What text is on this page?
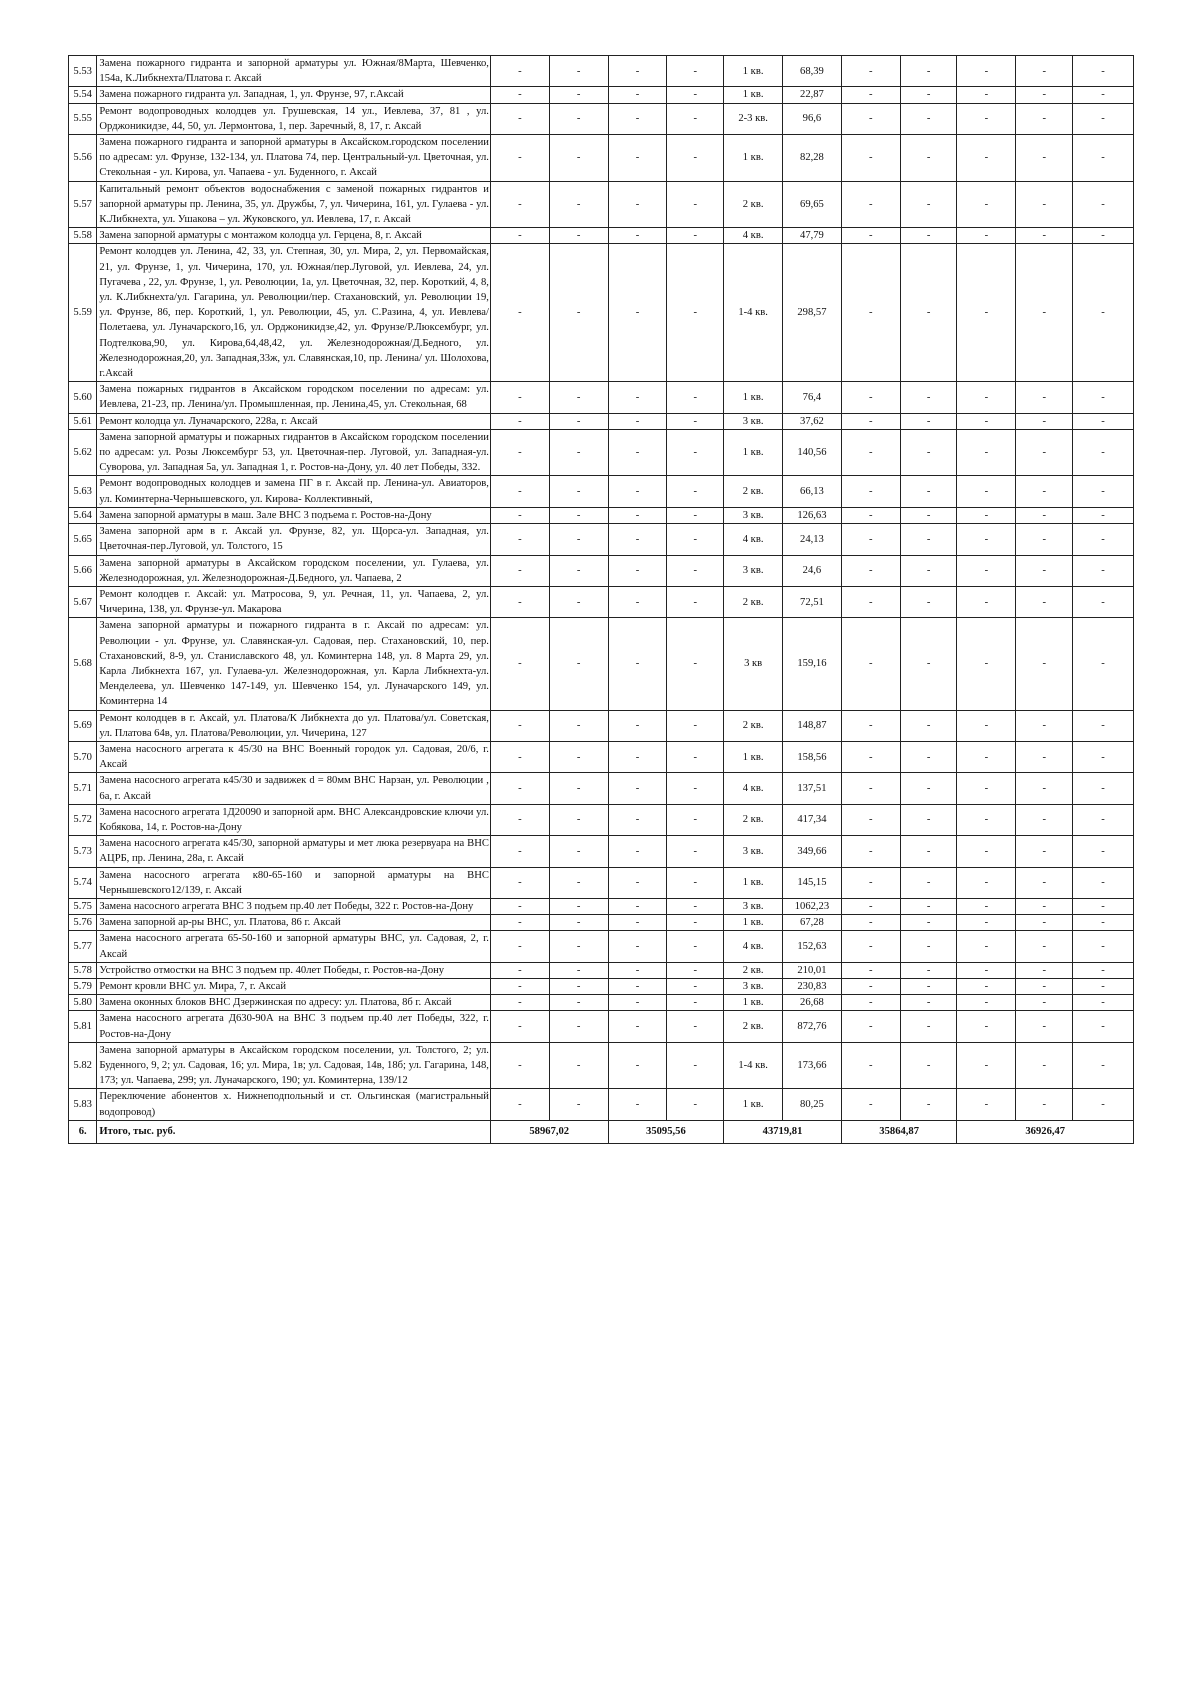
5.53	Замена пожарного гидранта и запорной арматуры ул. Южная/8Марта, Шевченко, 154а, К.Либкнехта/Платова г. Аксай	-	-	-	-	1 кв.	68,39	-	-	-	-	-
5.54	Замена пожарного гидранта ул. Западная, 1, ул. Фрунзе, 97, г.Аксай	-	-	-	-	1 кв.	22,87	-	-	-	-	-
5.55	Ремонт водопроводных колодцев ул. Грушевская, 14 ул., Иевлева, 37, 81 , ул. Орджоникидзе, 44, 50, ул. Лермонтова, 1, пер. Заречный, 8, 17, г. Аксай	-	-	-	-	2-3 кв.	96,6	-	-	-	-	-
5.56	Замена пожарного гидранта и запорной арматуры в Аксайском.городском поселении по адресам: ул. Фрунзе, 132-134, ул. Платова 74, пер. Центральный-ул. Цветочная, ул. Стекольная - ул. Кирова, ул. Чапаева - ул. Буденного, г. Аксай	-	-	-	-	1 кв.	82,28	-	-	-	-	-
5.57	Капитальный ремонт объектов водоснабжения с заменой пожарных гидрантов и запорной арматуры пр. Ленина, 35, ул. Дружбы, 7, ул. Чичерина, 161, ул. Гулаева - ул. К.Либкнехта, ул. Ушакова – ул. Жуковского, ул. Иевлева, 17, г. Аксай	-	-	-	-	2 кв.	69,65	-	-	-	-	-
5.58	Замена запорной арматуры с монтажом колодца ул. Герцена, 8, г. Аксай	-	-	-	-	4 кв.	47,79	-	-	-	-	-
5.59	Ремонт колодцев ул. Ленина, 42, 33, ул. Степная, 30, ул. Мира, 2, ул. Первомайская, 21, ул. Фрунзе, 1, ул. Чичерина, 170, ул. Южная/пер.Луговой, ул. Иевлева, 24, ул. Пугачева , 22, ул. Фрунзе, 1, ул. Революции, 1а, ул. Цветочная, 32, пер. Короткий, 4, 8, ул. К.Либкнехта/ул. Гагарина, ул. Революции/пер. Стахановский, ул. Революции 19, ул. Фрунзе, 86, пер. Короткий, 1, ул. Революции, 45, ул. С.Разина, 4, ул. Иевлева/Полетаева, ул. Луначарского,16, ул. Орджоникидзе,42, ул. Фрунзе/Р.Люксембург, ул. Подтелкова,90, ул. Кирова,64,48,42, ул. Железнодорожная/Д.Бедного, ул. Железнодорожная,20, ул. Западная,33ж, ул. Славянская,10, пр. Ленина/ ул. Шолохова, г.Аксай	-	-	-	-	1-4 кв.	298,57	-	-	-	-	-
5.60	Замена пожарных гидрантов в Аксайском городском поселении по адресам: ул. Иевлева, 21-23, пр. Ленина/ул. Промышленная, пр. Ленина,45, ул. Стекольная, 68	-	-	-	-	1 кв.	76,4	-	-	-	-	-
5.61	Ремонт колодца ул. Луначарского, 228а, г. Аксай	-	-	-	-	3 кв.	37,62	-	-	-	-	-
5.62	Замена запорной арматуры и пожарных гидрантов в Аксайском городском поселении по адресам: ул. Розы Люксембург 53, ул. Цветочная-пер. Луговой, ул. Западная-ул. Суворова, ул. Западная 5а, ул. Западная 1, г. Ростов-на-Дону, ул. 40 лет Победы, 332.	-	-	-	-	1 кв.	140,56	-	-	-	-	-
5.63	Ремонт водопроводных колодцев и замена ПГ в г. Аксай пр. Ленина-ул. Авиаторов, ул. Коминтерна-Чернышевского, ул. Кирова- Коллективный,	-	-	-	-	2 кв.	66,13	-	-	-	-	-
5.64	Замена запорной арматуры в маш. Зале ВНС 3 подъема г. Ростов-на-Дону	-	-	-	-	3 кв.	126,63	-	-	-	-	-
5.65	Замена запорной арм в г. Аксай ул. Фрунзе, 82, ул. Щорса-ул. Западная, ул. Цветочная-пер.Луговой, ул. Толстого, 15	-	-	-	-	4 кв.	24,13	-	-	-	-	-
5.66	Замена запорной арматуры в Аксайском городском поселении, ул. Гулаева, ул. Железнодорожная, ул. Железнодорожная-Д.Бедного, ул. Чапаева, 2	-	-	-	-	3 кв.	24,6	-	-	-	-	-
5.67	Ремонт колодцев г. Аксай: ул. Матросова, 9, ул. Речная, 11, ул. Чапаева, 2, ул. Чичерина, 138, ул. Фрунзе-ул. Макарова	-	-	-	-	2 кв.	72,51	-	-	-	-	-
5.68	Замена запорной арматуры и пожарного гидранта в г. Аксай по адресам: ул. Революции - ул. Фрунзе, ул. Славянская-ул. Садовая, пер. Стахановский, 10, пер. Стахановский, 8-9, ул. Станиславского 48, ул. Коминтерна 148, ул. 8 Марта 29, ул. Карла Либкнехта 167, ул. Гулаева-ул. Железнодорожная, ул. Карла Либкнехта-ул. Менделеева, ул. Шевченко 147-149, ул. Шевченко 154, ул. Луначарского 149, ул. Коминтерна 14	-	-	-	-	3 кв	159,16	-	-	-	-	-
5.69	Ремонт колодцев в г. Аксай, ул. Платова/К Либкнехта до ул. Платова/ул. Советская, ул. Платова 64в, ул. Платова/Революции, ул. Чичерина, 127	-	-	-	-	2 кв.	148,87	-	-	-	-	-
5.70	Замена насосного агрегата к 45/30 на ВНС Военный городок ул. Садовая, 20/6, г. Аксай	-	-	-	-	1 кв.	158,56	-	-	-	-	-
5.71	Замена насосного агрегата к45/30 и задвижек d = 80мм ВНС Нарзан, ул. Революции , 6а, г. Аксай	-	-	-	-	4 кв.	137,51	-	-	-	-	-
5.72	Замена насосного агрегата 1Д20090 и запорной арм. ВНС Александровские ключи ул. Кобякова, 14, г. Ростов-на-Дону	-	-	-	-	2 кв.	417,34	-	-	-	-	-
5.73	Замена насосного агрегата к45/30, запорной арматуры и мет люка резервуара на ВНС АЦРБ, пр. Ленина, 28а, г. Аксай	-	-	-	-	3 кв.	349,66	-	-	-	-	-
5.74	Замена насосного агрегата к80-65-160 и запорной арматуры на ВНС Чернышевского12/139, г. Аксай	-	-	-	-	1 кв.	145,15	-	-	-	-	-
5.75	Замена насосного агрегата ВНС 3 подъем пр.40 лет Победы, 322 г. Ростов-на-Дону	-	-	-	-	3 кв.	1062,23	-	-	-	-	-
5.76	Замена запорной ар-ры ВНС, ул. Платова, 86 г. Аксай	-	-	-	-	1 кв.	67,28	-	-	-	-	-
5.77	Замена насосного агрегата 65-50-160 и запорной арматуры ВНС, ул. Садовая, 2, г. Аксай	-	-	-	-	4 кв.	152,63	-	-	-	-	-
5.78	Устройство отмостки на ВНС 3 подъем пр. 40лет Победы, г. Ростов-на-Дону	-	-	-	-	2 кв.	210,01	-	-	-	-	-
5.79	Ремонт кровли ВНС ул. Мира, 7, г. Аксай	-	-	-	-	3 кв.	230,83	-	-	-	-	-
5.80	Замена оконных блоков ВНС Дзержинская по адресу: ул. Платова, 8б г. Аксай	-	-	-	-	1 кв.	26,68	-	-	-	-	-
5.81	Замена насосного агрегата Д630-90А на ВНС 3 подъем пр.40 лет Победы, 322, г. Ростов-на-Дону	-	-	-	-	2 кв.	872,76	-	-	-	-	-
5.82	Замена запорной арматуры в Аксайском городском поселении, ул. Толстого, 2; ул. Буденного, 9, 2; ул. Садовая, 16; ул. Мира, 1в; ул. Садовая, 14в, 18б; ул. Гагарина, 148, 173; ул. Чапаева, 299; ул. Луначарского, 190; ул. Коминтерна, 139/12	-	-	-	-	1-4 кв.	173,66	-	-	-	-	-
5.83	Переключение абонентов х. Нижнеподпольный и ст. Ольгинская (магистральный водопровод)	-	-	-	-	1 кв.	80,25	-	-	-	-	-
6.	Итого, тыс. руб.	58967,02		35095,56		43719,81		35864,87		36926,47		
